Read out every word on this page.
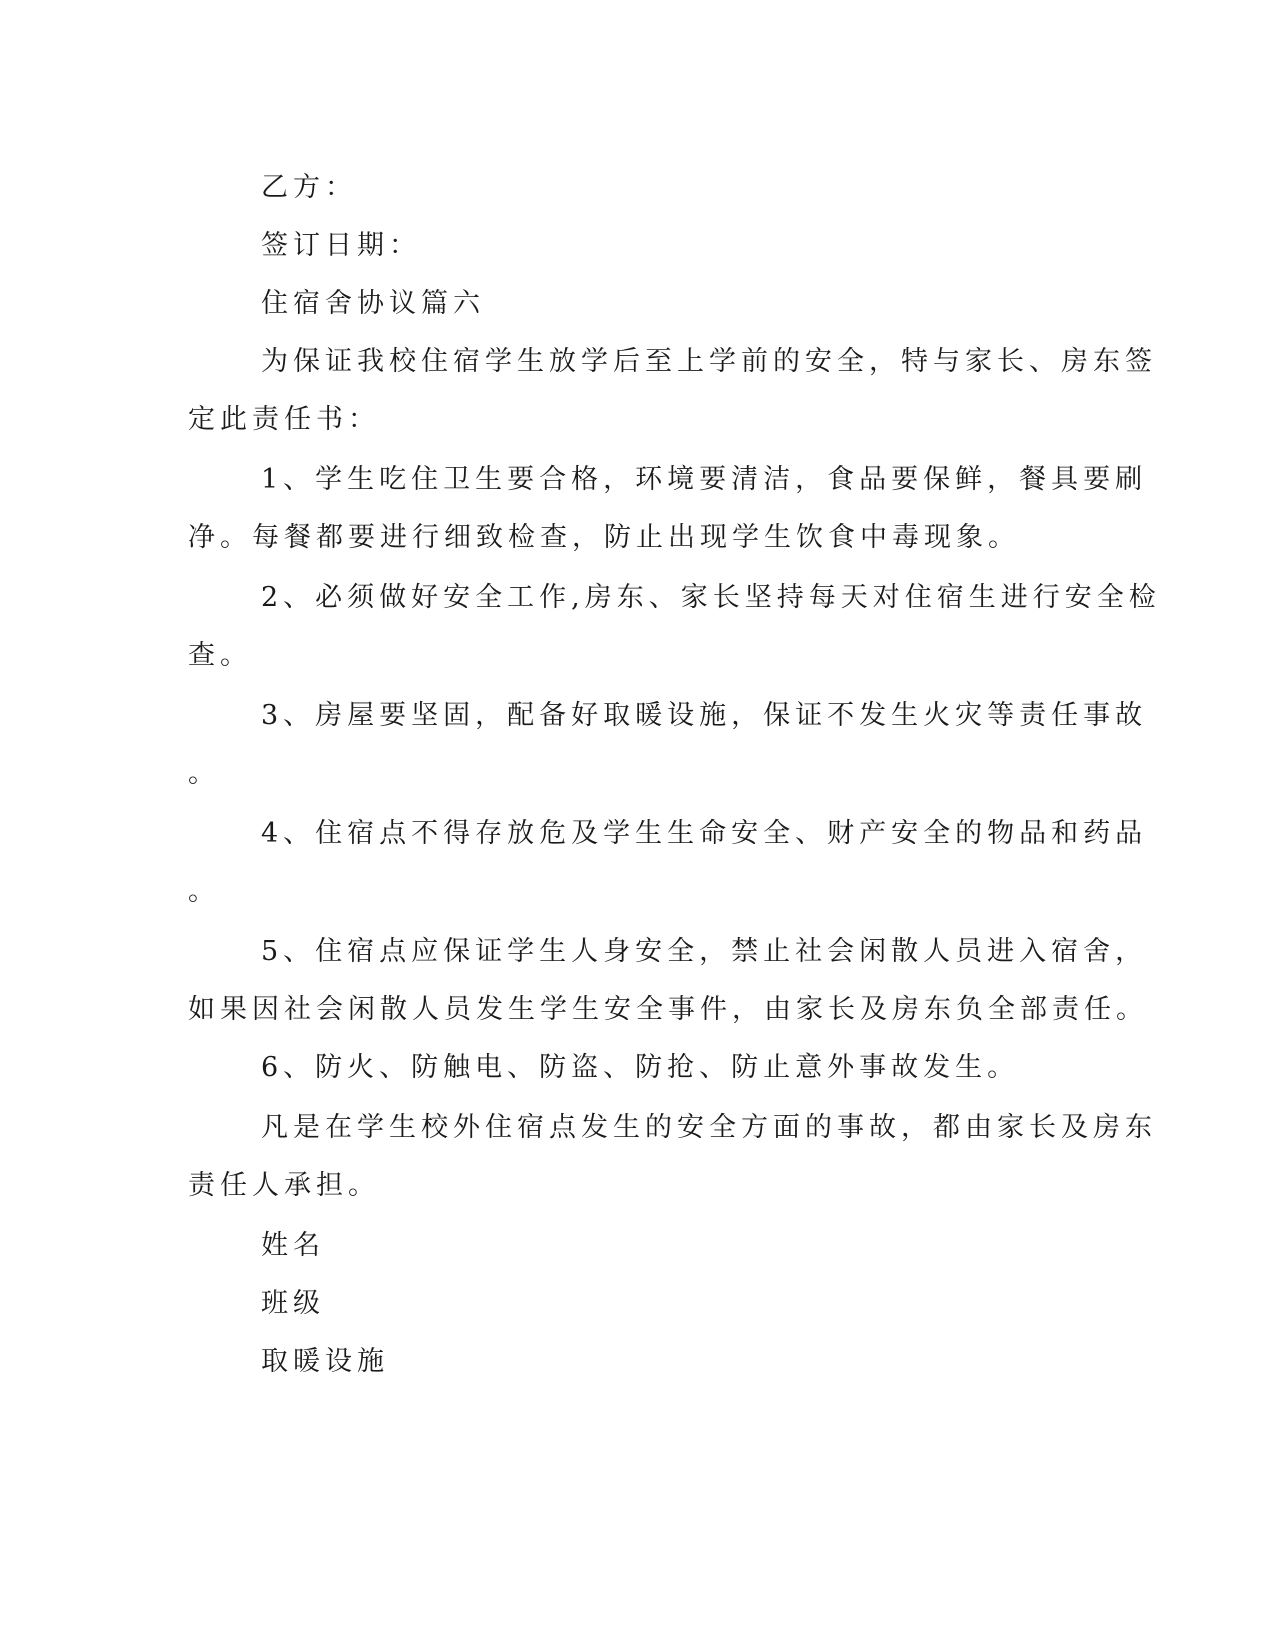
乙方：
签订日期：
住宿舍协议篇六
为保证我校住宿学生放学后至上学前的安全，特与家长、房东签
定此责任书：
1、学生吃住卫生要合格，环境要清洁，食品要保鲜，餐具要刷
净。每餐都要进行细致检查，防止出现学生饮食中毒现象。
2、必须做好安全工作,房东、家长坚持每天对住宿生进行安全检
查。
3、房屋要坚固，配备好取暖设施，保证不发生火灾等责任事故
。
4、住宿点不得存放危及学生生命安全、财产安全的物品和药品
。
5、住宿点应保证学生人身安全，禁止社会闲散人员进入宿舍，
如果因社会闲散人员发生学生安全事件，由家长及房东负全部责任。
6、防火、防触电、防盗、防抢、防止意外事故发生。
凡是在学生校外住宿点发生的安全方面的事故，都由家长及房东
责任人承担。
姓名
班级
取暖设施
